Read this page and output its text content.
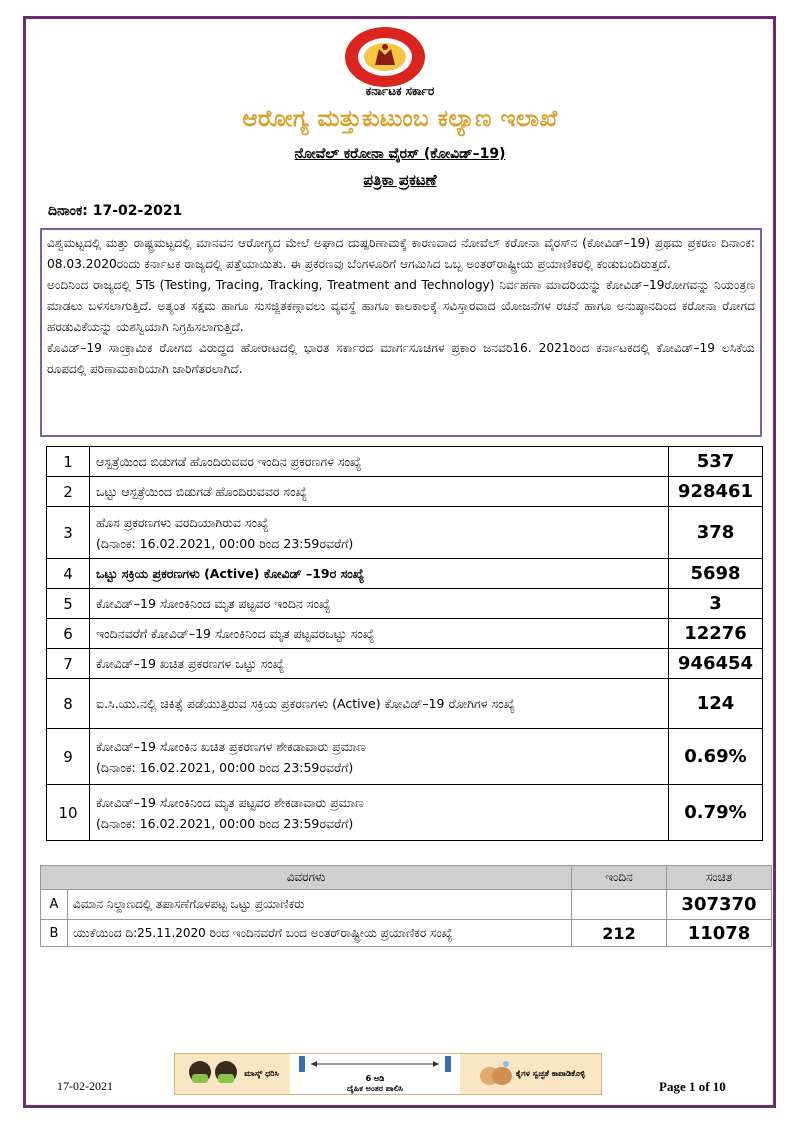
ಕರ್ನಾಟಕ ಸರ್ಕಾರ
ಆರೋಗ್ಯ ಮತ್ತುಕುಟುಂಬ ಕಲ್ಯಾಣ ಇಲಾಖೆ
ನೋವೆಲ್ ಕರೋನಾ ವೈರಸ್ (ಕೋವಿಡ್–19)
ಪತ್ರಿಕಾ ಪ್ರಕಟಣೆ
ದಿನಾಂಕ: 17-02-2021

ವಿಶ್ವಮಟ್ಟದಲ್ಲಿ ಮತ್ತು ರಾಷ್ಟ್ರಮಟ್ಟದಲ್ಲಿ ಮಾನವನ ಆರೋಗ್ಯದ ಮೇಲೆ ಅಘಾದ ದುಷ್ಪರಿಣಾಮಕ್ಕೆ ಕಾರಣವಾದ ನೋವೆಲ್ ಕರೋನಾ ವೈರಸ್‌ನ (ಕೋವಿಡ್–19) ಪ್ರಥಮ ಪ್ರಕರಣ ದಿನಾಂಕ: 08.03.2020ರಂದು ಕರ್ನಾಟಕ ರಾಜ್ಯದಲ್ಲಿ ಪತ್ತೆಯಾಯಿತು. ಈ ಪ್ರಕರಣವು ಬೆಂಗಳೂರಿಗೆ ಆಗಮಿಸಿದ ಒಬ್ಬ ಅಂತರ್‌ರಾಷ್ಟ್ರೀಯ ಪ್ರಯಾಣಿಕರಲ್ಲಿ ಕಂಡುಬಂದಿರುತ್ತದೆ.

ಅಂದಿನಿಂದ ರಾಜ್ಯದಲ್ಲಿ 5Ts (Testing, Tracing, Tracking, Treatment and Technology) ನಿರ್ವಹಣಾ ಮಾದರಿಯನ್ನು ಕೋವಿಡ್–19ರೋಗವನ್ನು ನಿಯಂತ್ರಣ ಮಾಡಲು ಬಳಸಲಾಗುತ್ತಿದೆ. ಅತ್ಯಂತ ಸಕ್ಷಮ ಹಾಗೂ ಸುಸಜ್ಜಿತಕಣ್ಗಾವಲು ವ್ಯವಸ್ಥೆ ಹಾಗೂ ಕಾಲಕಾಲಕ್ಕೆ ಸವಿಸ್ತಾರವಾದ ಯೋಜನೆಗಳ ರಚನೆ ಹಾಗೂ ಅನುಷ್ಠಾನದಿಂದ ಕರೋನಾ ರೋಗದ ಹರಡುವಿಕೆಯನ್ನು ಯಶಸ್ವಿಯಾಗಿ ನಿಗ್ರಹಿಸಲಾಗುತ್ತಿದೆ.

ಕೊವಿಡ್–19 ಸಾಂಕ್ರಾಮಿಕ ರೋಗದ ವಿರುದ್ಧದ ಹೋರಾಟದಲ್ಲಿ ಭಾರತ ಸರ್ಕಾರದ ಮಾರ್ಗಸೂಚಿಗಳ ಪ್ರಕಾರ ಜನವರಿ16. 2021ರಿಂದ ಕರ್ನಾಟಕದಲ್ಲಿ ಕೋವಿಡ್–19 ಲಸಿಕೆಯ ರೂಪದಲ್ಲಿ ಪರಿಣಾಮಕಾರಿಯಾಗಿ ಜಾರಿಗೆತರಲಾಗಿದೆ.

1	ಆಸ್ಪತ್ರೆಯಿಂದ ಬಿಡುಗಡೆ ಹೊಂದಿರುವವರ ಇಂದಿನ ಪ್ರಕರಣಗಳ ಸಂಖ್ಯೆ	537
2	ಒಟ್ಟು ಆಸ್ಪತ್ರೆಯಿಂದ ಬಿಡುಗಡೆ ಹೊಂದಿರುವವರ ಸಂಖ್ಯೆ	928461
3	ಹೊಸ ಪ್ರಕರಣಗಳು ವರದಿಯಾಗಿರುವ ಸಂಖ್ಯೆ
(ದಿನಾಂಕ: 16.02.2021, 00:00 ರಿಂದ 23:59ರವರೆಗೆ)	378
4	ಒಟ್ಟು ಸಕ್ರಿಯ ಪ್ರಕರಣಗಳು (Active) ಕೋವಿಡ್ –19ರ ಸಂಖ್ಯೆ	5698
5	ಕೋವಿಡ್–19 ಸೋಂಕಿನಿಂದ ಮೃತ ಪಟ್ಟವರ ಇಂದಿನ ಸಂಖ್ಯೆ	3
6	ಇಂದಿನವರೆಗೆ ಕೋವಿಡ್–19 ಸೋಂಕಿನಿಂದ ಮೃತ ಪಟ್ಟವರಒಟ್ಟು ಸಂಖ್ಯೆ	12276
7	ಕೋವಿಡ್–19 ಖಚಿತ ಪ್ರಕರಣಗಳ ಒಟ್ಟು ಸಂಖ್ಯೆ	946454
8	ಐ.ಸಿ.ಯು.ನಲ್ಲಿ ಚಿಕಿತ್ಸೆ ಪಡೆಯುತ್ತಿರುವ ಸಕ್ರಿಯ ಪ್ರಕರಣಗಳು (Active) ಕೋವಿಡ್–19 ರೋಗಿಗಳ ಸಂಖ್ಯೆ	124
9	ಕೋವಿಡ್–19 ಸೋಂಕಿನ ಖಚಿತ ಪ್ರಕರಣಗಳ ಶೇಕಡಾವಾರು ಪ್ರಮಾಣ
(ದಿನಾಂಕ: 16.02.2021, 00:00 ರಿಂದ 23:59ರವರೆಗೆ)	0.69%
10	ಕೋವಿಡ್–19 ಸೋಂಕಿನಿಂದ ಮೃತ ಪಟ್ಟವರ ಶೇಕಡಾವಾರು ಪ್ರಮಾಣ
(ದಿನಾಂಕ: 16.02.2021, 00:00 ರಿಂದ 23:59ರವರೆಗೆ)	0.79%
ವಿವರಗಳು		ಇಂದಿನ	ಸಂಚಿತ
A	ವಿಮಾನ ನಿಲ್ದಾಣದಲ್ಲಿ ತಪಾಸಣೆಗೊಳಪಟ್ಟ ಒಟ್ಟು ಪ್ರಯಾಣಿಕರು		307370
B	ಯುಕೆಯಿಂದ ದಿ:25.11.2020 ರಿಂದ ಇಂದಿನವರೆಗೆ ಬಂದ ಅಂತರ್‌ರಾಷ್ಟ್ರೀಯ ಪ್ರಯಾಣಿಕರ ಸಂಖ್ಯೆ	212	11078
ಮಾಸ್ಕ್ ಧರಿಸಿ
6 ಅಡಿ
ದೈಹಿಕ ಅಂತರ ಪಾಲಿಸಿ
ಕೈಗಳ ಸ್ವಚ್ಛತೆ ಕಾಪಾಡಿಕೊಳ್ಳಿ
17-02-2021	Page 1 of 10
